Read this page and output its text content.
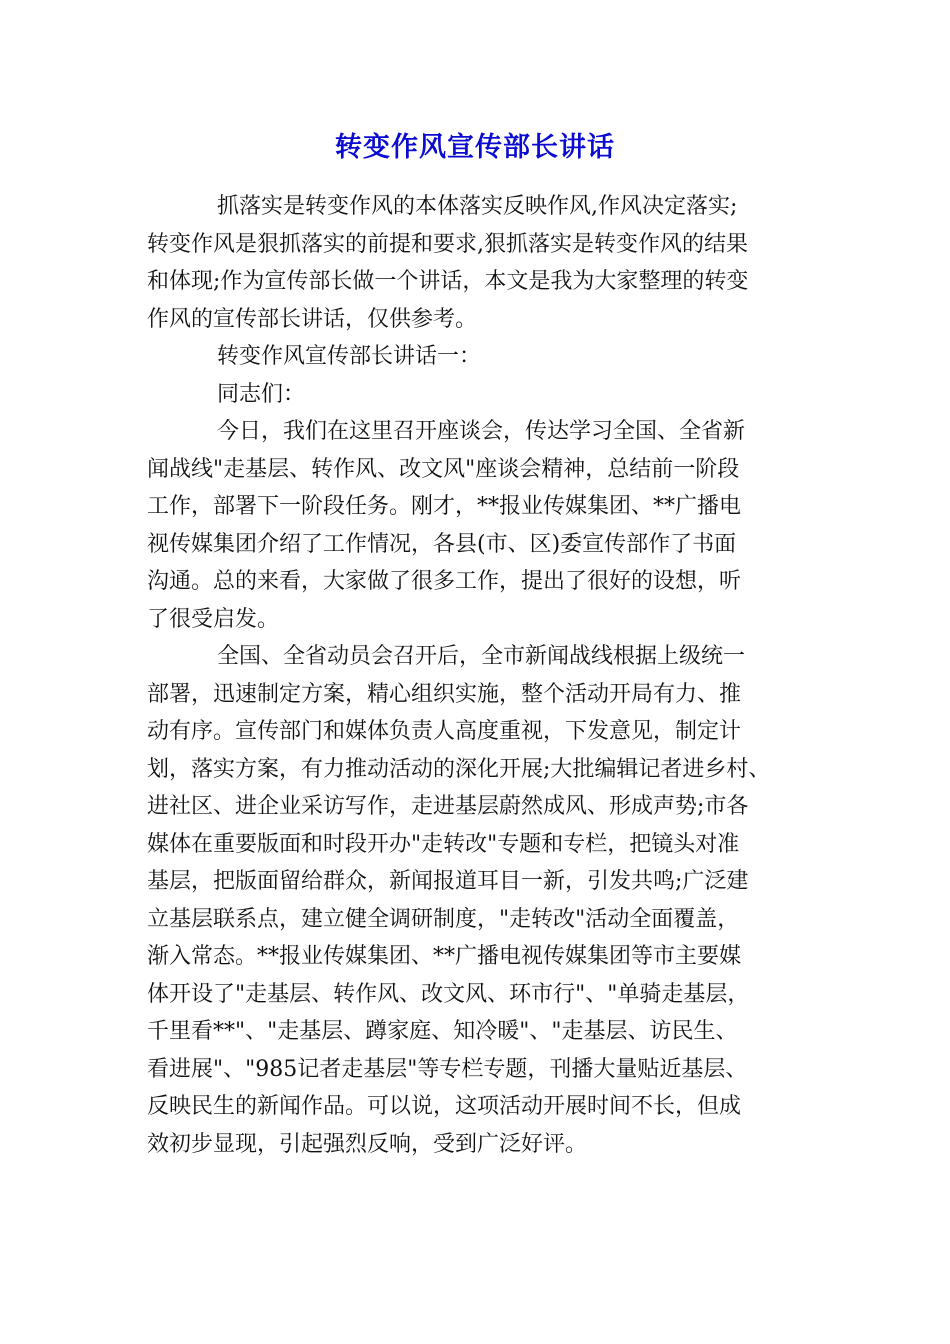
转变作风宣传部长讲话

抓落实是转变作风的本体落实反映作风,作风决定落实;
转变作风是狠抓落实的前提和要求,狠抓落实是转变作风的结果
和体现;作为宣传部长做一个讲话，本文是我为大家整理的转变
作风的宣传部长讲话，仅供参考。

转变作风宣传部长讲话一：

同志们：

今日，我们在这里召开座谈会，传达学习全国、全省新
闻战线"走基层、转作风、改文风"座谈会精神，总结前一阶段
工作，部署下一阶段任务。刚才，**报业传媒集团、**广播电
视传媒集团介绍了工作情况，各县(市、区)委宣传部作了书面
沟通。总的来看，大家做了很多工作，提出了很好的设想，听
了很受启发。

全国、全省动员会召开后，全市新闻战线根据上级统一
部署，迅速制定方案，精心组织实施，整个活动开局有力、推
动有序。宣传部门和媒体负责人高度重视，下发意见，制定计
划，落实方案，有力推动活动的深化开展;大批编辑记者进乡村、
进社区、进企业采访写作，走进基层蔚然成风、形成声势;市各
媒体在重要版面和时段开办"走转改"专题和专栏，把镜头对准
基层，把版面留给群众，新闻报道耳目一新，引发共鸣;广泛建
立基层联系点，建立健全调研制度，"走转改"活动全面覆盖，
渐入常态。**报业传媒集团、**广播电视传媒集团等市主要媒
体开设了"走基层、转作风、改文风、环市行"、"单骑走基层，
千里看**"、"走基层、蹲家庭、知冷暖"、"走基层、访民生、
看进展"、"985记者走基层"等专栏专题，刊播大量贴近基层、
反映民生的新闻作品。可以说，这项活动开展时间不长，但成
效初步显现，引起强烈反响，受到广泛好评。
